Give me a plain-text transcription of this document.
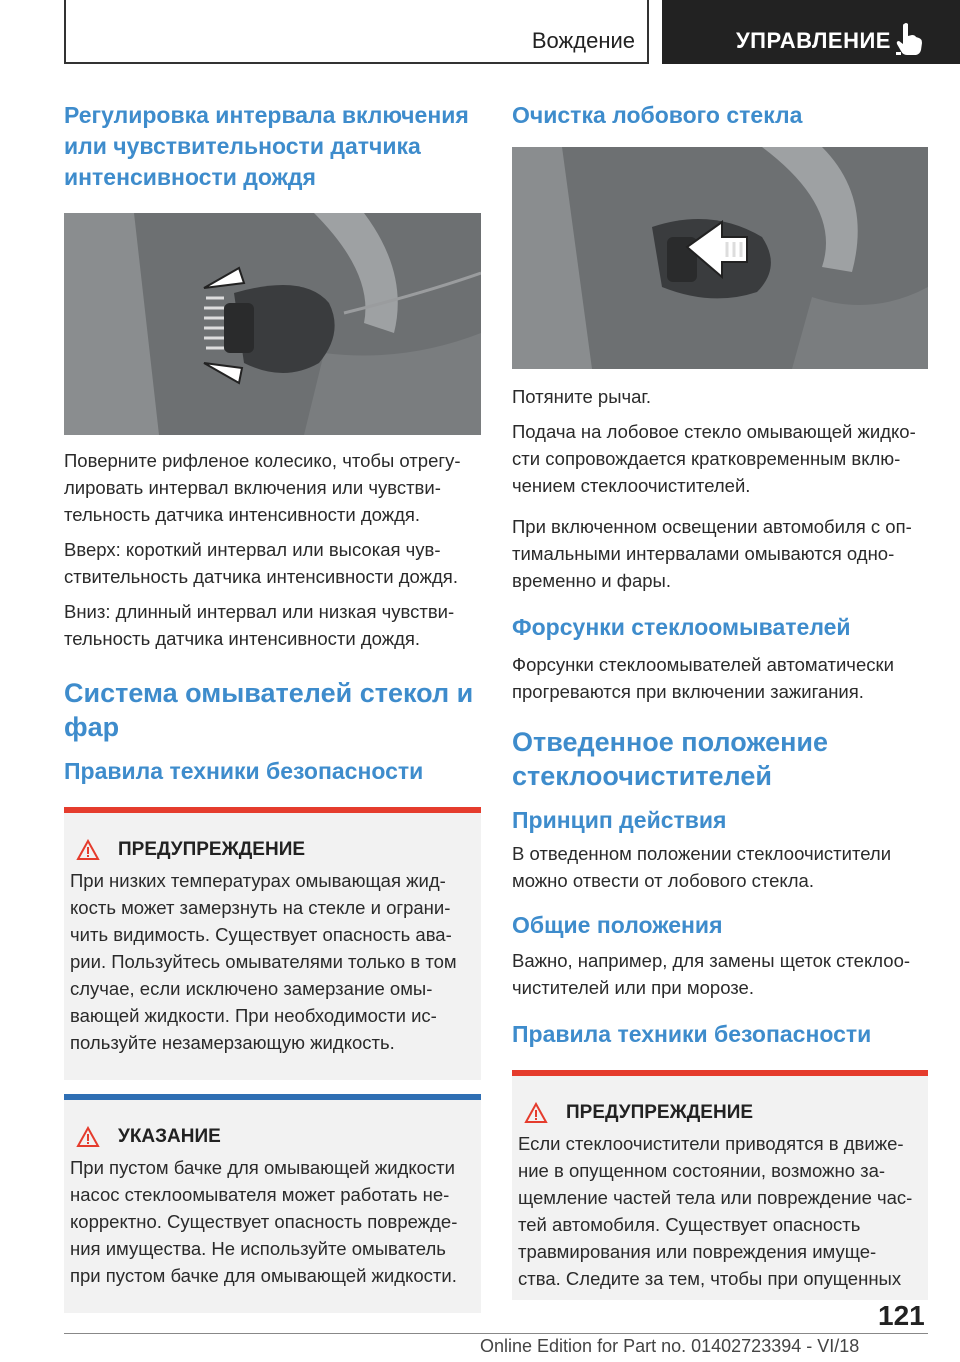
Вождение	УПРАВЛЕНИЕ
Регулировка интервала включения или чувствительности датчика интенсивности дождя

Поверните рифленое колесико, чтобы отрегу‐лировать интервал включения или чувстви‐тельность датчика интенсивности дождя.

Вверх: короткий интервал или высокая чув‐ствительность датчика интенсивности дождя.

Вниз: длинный интервал или низкая чувстви‐тельность датчика интенсивности дождя.

Система омывателей стекол и фар
Правила техники безопасности
ПРЕДУПРЕЖДЕНИЕ

При низких температурах омывающая жид‐кость может замерзнуть на стекле и ограни‐чить видимость. Существует опасность ава‐рии. Пользуйтесь омывателями только в том случае, если исключено замерзание омы‐вающей жидкости. При необходимости ис‐пользуйте незамерзающую жидкость.

УКАЗАНИЕ

При пустом бачке для омывающей жидкости насос стеклоомывателя может работать не‐корректно. Существует опасность поврежде‐ния имущества. Не используйте омыватель при пустом бачке для омывающей жидкости.

Очистка лобового стекла

Потяните рычаг.

Подача на лобовое стекло омывающей жидко‐сти сопровождается кратковременным вклю‐чением стеклоочистителей.

При включенном освещении автомобиля с оп‐тимальными интервалами омываются одно‐временно и фары.

Форсунки стеклоомывателей

Форсунки стеклоомывателей автоматически прогреваются при включении зажигания.

Отведенное положение стеклоочистителей
Принцип действия

В отведенном положении стеклоочистители можно отвести от лобового стекла.

Общие положения

Важно, например, для замены щеток стеклоо‐чистителей или при морозе.

Правила техники безопасности
ПРЕДУПРЕЖДЕНИЕ

Если стеклоочистители приводятся в движе‐ние в опущенном состоянии, возможно за‐щемление частей тела или повреждение час‐тей автомобиля. Существует опасность травмирования или повреждения имуще‐ства. Следите за тем, чтобы при опущенных

121
Online Edition for Part no. 01402723394 - VI/18
